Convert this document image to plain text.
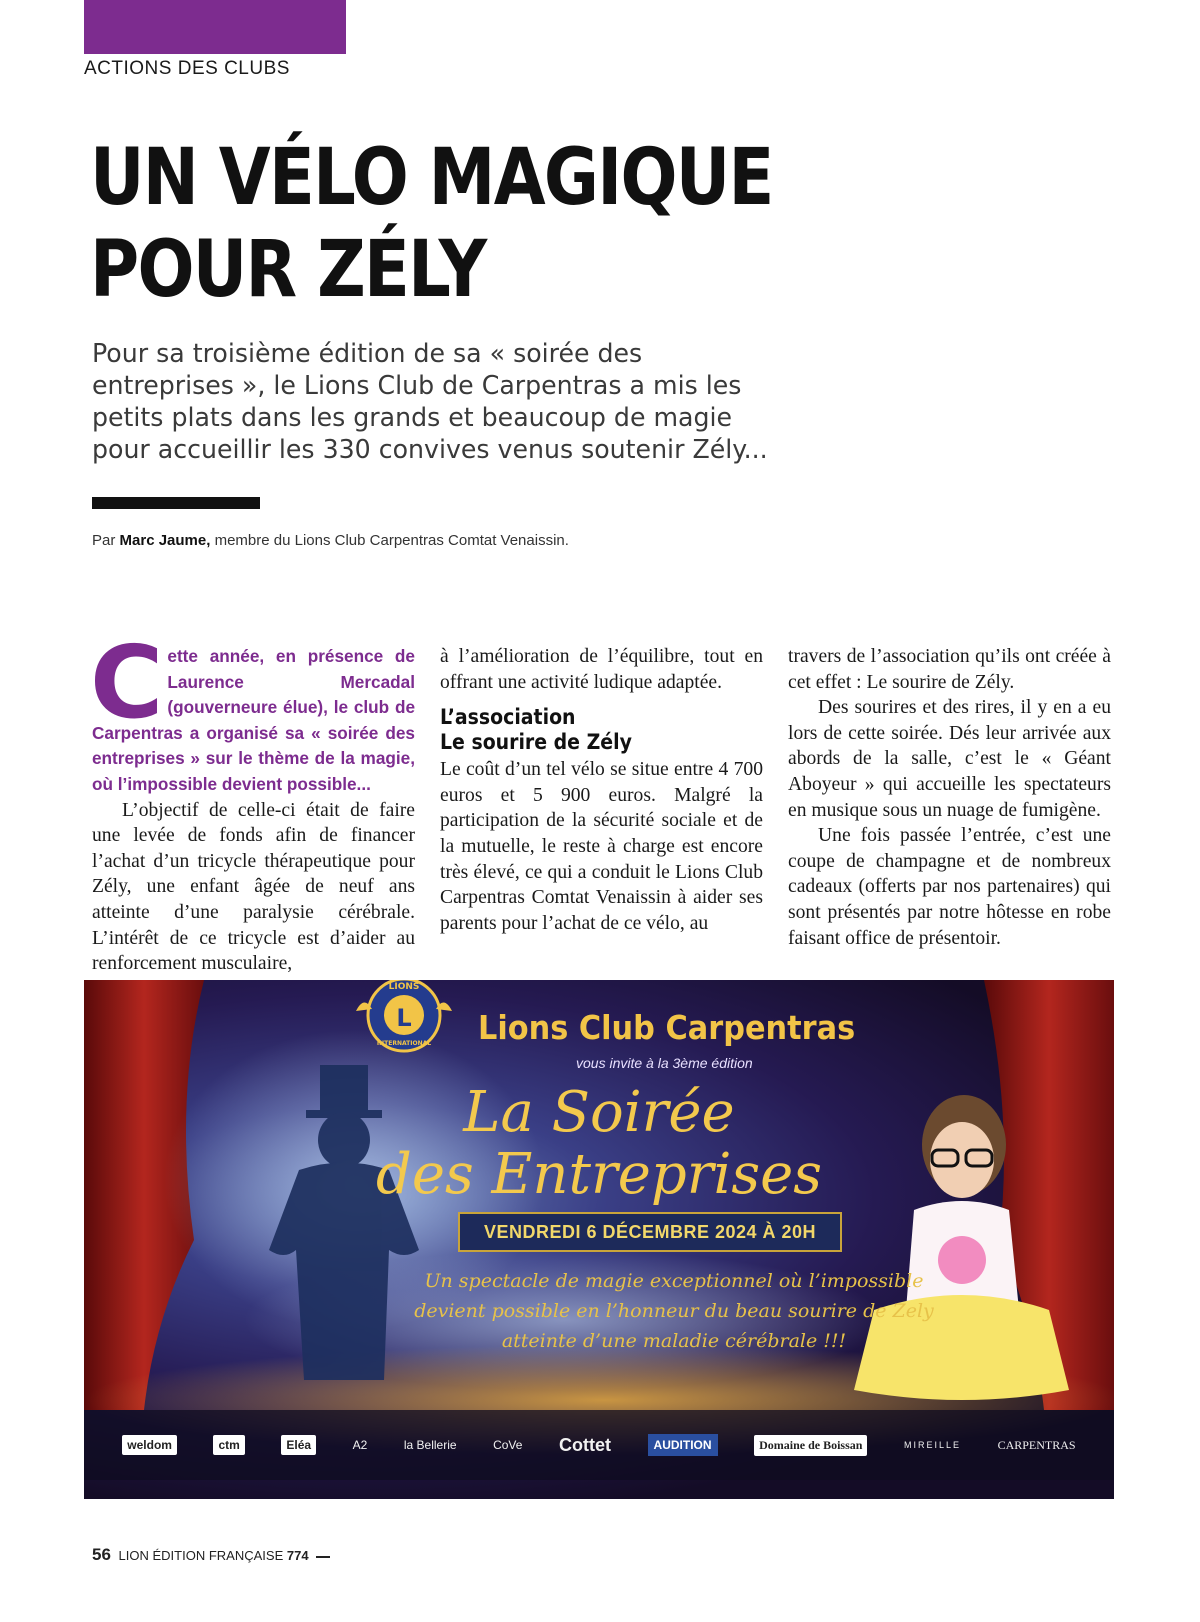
ACTIONS DES CLUBS
UN VÉLO MAGIQUE
POUR ZÉLY
Pour sa troisième édition de sa « soirée des entreprises », le Lions Club de Carpentras a mis les petits plats dans les grands et beaucoup de magie pour accueillir les 330 convives venus soutenir Zély...
Par Marc Jaume, membre du Lions Club Carpentras Comtat Venaissin.
C ette année, en présence de Laurence Mercadal (gouverneure élue), le club de Carpentras a organisé sa « soirée des entreprises » sur le thème de la magie, où l’impossible devient possible...

L’objectif de celle-ci était de faire une levée de fonds afin de financer l’achat d’un tricycle thérapeutique pour Zély, une enfant âgée de neuf ans atteinte d’une paralysie cérébrale. L’intérêt de ce tricycle est d’aider au renforcement musculaire,

à l’amélioration de l’équilibre, tout en offrant une activité ludique adaptée.

L’association
Le sourire de Zély

Le coût d’un tel vélo se situe entre 4 700 euros et 5 900 euros. Malgré la participation de la sécurité sociale et de la mutuelle, le reste à charge est encore très élevé, ce qui a conduit le Lions Club Carpentras Comtat Venaissin à aider ses parents pour l’achat de ce vélo, au

travers de l’association qu’ils ont créée à cet effet : Le sourire de Zély.

Des sourires et des rires, il y en a eu lors de cette soirée. Dés leur arrivée aux abords de la salle, c’est le « Géant Aboyeur » qui accueille les spectateurs en musique sous un nuage de fumigène.

Une fois passée l’entrée, c’est une coupe de champagne et de nombreux cadeaux (offerts par nos partenaires) qui sont présentés par notre hôtesse en robe faisant office de présentoir.

L
LIONS
INTERNATIONAL Lions Club Carpentras
vous invite à la 3ème édition
La Soirée
des Entreprises
VENDREDI 6 DÉCEMBRE 2024 À 20H
Un spectacle de magie exceptionnel où l’impossible
devient possible en l’honneur du beau sourire de Zely
atteinte d’une maladie cérébrale !!!
weldom	ctm	Eléa	A2	la Bellerie	CoVe Cottet	AUDITION	Domaine de Boissan	MIREILLE	CARPENTRAS
56 LION ÉDITION FRANÇAISE 774
